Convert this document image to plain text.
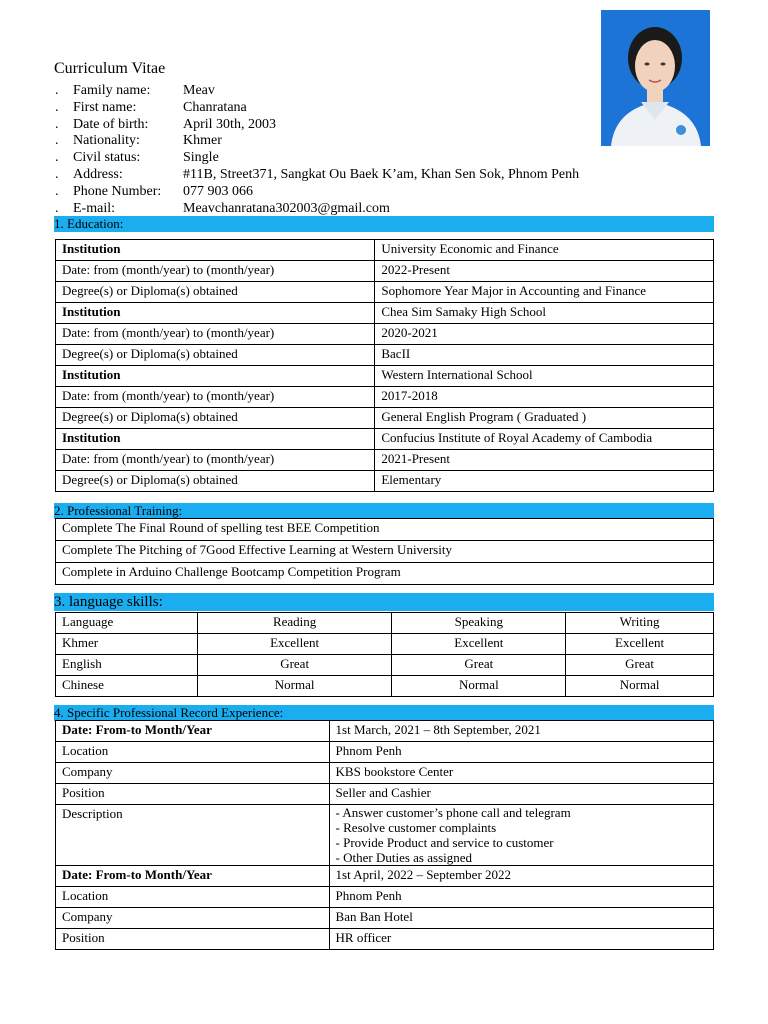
Curriculum Vitae
.	Family name:	Meav
.	First name:	Chanratana
.	Date of birth:	April 30th, 2003
.	Nationality:	Khmer
.	Civil status:	Single
.	Address:	#11B, Street371, Sangkat Ou Baek K’am, Khan Sen Sok, Phnom Penh
.	Phone Number:	077 903 066
.	E-mail:	Meavchanratana302003@gmail.com
1. Education:
Institution	University Economic and Finance
Date: from (month/year) to (month/year)	2022-Present
Degree(s) or Diploma(s) obtained	Sophomore Year Major in Accounting and Finance
Institution	Chea Sim Samaky High School
Date: from (month/year) to (month/year)	2020-2021
Degree(s) or Diploma(s) obtained	BacII
Institution	Western International School
Date: from (month/year) to (month/year)	2017-2018
Degree(s) or Diploma(s) obtained	General English Program ( Graduated )
Institution	Confucius Institute of Royal Academy of Cambodia
Date: from (month/year) to (month/year)	2021-Present
Degree(s) or Diploma(s) obtained	Elementary
2. Professional Training:
Complete The Final Round of spelling test BEE Competition
Complete The Pitching of 7Good Effective Learning at Western University
Complete in Arduino Challenge Bootcamp Competition Program
3. language skills:
Language	Reading	Speaking	Writing
Khmer	Excellent	Excellent	Excellent
English	Great	Great	Great
Chinese	Normal	Normal	Normal
4. Specific Professional Record Experience:
Date: From-to Month/Year	1st March, 2021 – 8th September, 2021
Location	Phnom Penh
Company	KBS bookstore Center
Position	Seller and Cashier
Description	- Answer customer’s phone call and telegram
- Resolve customer complaints
- Provide Product and service to customer
- Other Duties as assigned

Date: From-to Month/Year	1st April, 2022 – September 2022
Location	Phnom Penh
Company	Ban Ban Hotel
Position	HR officer
